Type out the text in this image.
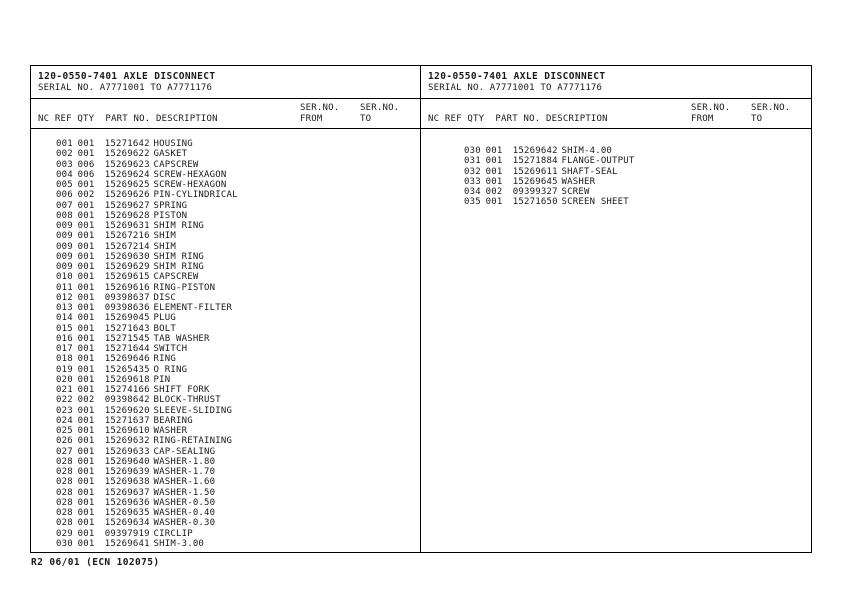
120-0550-7401 AXLE DISCONNECT
SERIAL NO. A7771001 TO A7771176
SER.NO.	SER.NO.
NC REF QTY  PART NO. DESCRIPTION	FROM	TO
001 001 15271642 HOUSING
002 001 15269622 GASKET
003 006 15269623 CAPSCREW
004 006 15269624 SCREW-HEXAGON
005 001 15269625 SCREW-HEXAGON
006 002 15269626 PIN-CYLINDRICAL
007 001 15269627 SPRING
008 001 15269628 PISTON
009 001 15269631 SHIM RING
009 001 15267216 SHIM
009 001 15267214 SHIM
009 001 15269630 SHIM RING
009 001 15269629 SHIM RING
010 001 15269615 CAPSCREW
011 001 15269616 RING-PISTON
012 001 09398637 DISC
013 001 09398636 ELEMENT-FILTER
014 001 15269045 PLUG
015 001 15271643 BOLT
016 001 15271545 TAB WASHER
017 001 15271644 SWITCH
018 001 15269646 RING
019 001 15265435 O RING
020 001 15269618 PIN
021 001 15274166 SHIFT FORK
022 002 09398642 BLOCK-THRUST
023 001 15269620 SLEEVE-SLIDING
024 001 15271637 BEARING
025 001 15269610 WASHER
026 001 15269632 RING-RETAINING
027 001 15269633 CAP-SEALING
028 001 15269640 WASHER-1.80
028 001 15269639 WASHER-1.70
028 001 15269638 WASHER-1.60
028 001 15269637 WASHER-1.50
028 001 15269636 WASHER-0.50
028 001 15269635 WASHER-0.40
028 001 15269634 WASHER-0.30
029 001 09397919 CIRCLIP
030 001 15269641 SHIM-3.00
120-0550-7401 AXLE DISCONNECT
SERIAL NO. A7771001 TO A7771176
SER.NO.	SER.NO.
NC REF QTY  PART NO. DESCRIPTION	FROM	TO
030 001 15269642 SHIM-4.00
031 001 15271884 FLANGE-OUTPUT
032 001 15269611 SHAFT-SEAL
033 001 15269645 WASHER
034 002 09399327 SCREW
035 001 15271650 SCREEN SHEET
R2 06/01 (ECN 102075)
